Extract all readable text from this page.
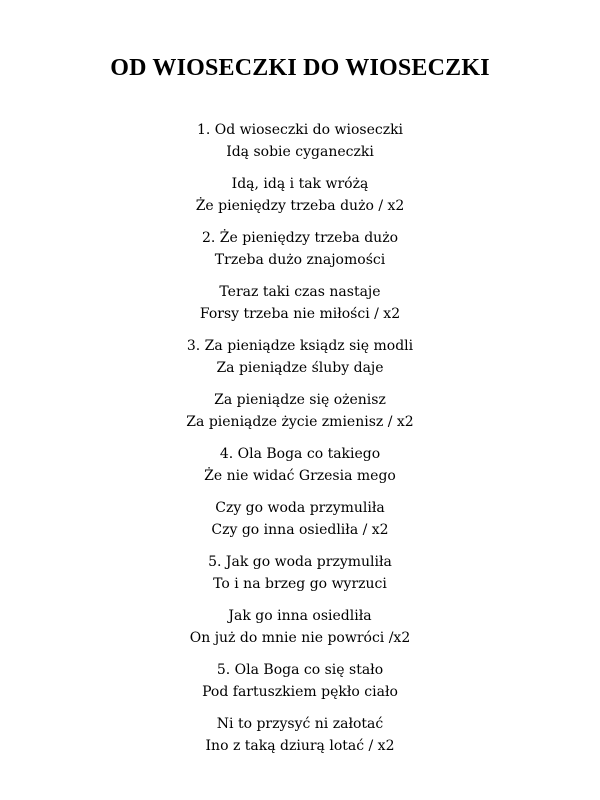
OD WIOSECZKI DO WIOSECZKI
1. Od wioseczki do wioseczki
Idą sobie cyganeczki
Idą, idą i tak wróżą
Że pieniędzy trzeba dużo / x2
2. Że pieniędzy trzeba dużo
Trzeba dużo znajomości
Teraz taki czas nastaje
Forsy trzeba nie miłości / x2
3. Za pieniądze ksiądz się modli
Za pieniądze śluby daje
Za pieniądze się ożenisz
Za pieniądze życie zmienisz / x2
4. Ola Boga co takiego
Że nie widać Grzesia mego
Czy go woda przymuliła
Czy go inna osiedliła / x2
5. Jak go woda przymuliła
To i na brzeg go wyrzuci
Jak go inna osiedliła
On już do mnie nie powróci /x2
5. Ola Boga co się stało
Pod fartuszkiem pękło ciało
Ni to przysyć ni załotać
Ino z taką dziurą lotać / x2
